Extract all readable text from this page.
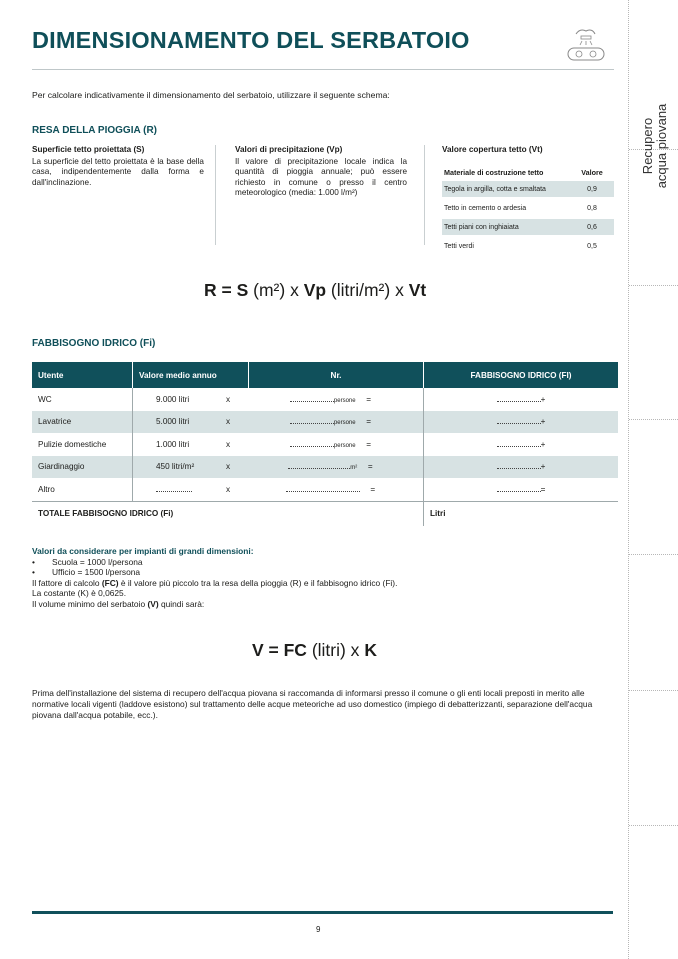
DIMENSIONAMENTO DEL SERBATOIO
Recupero acqua piovana
Per calcolare indicativamente il dimensionamento del serbatoio, utilizzare il seguente schema:
RESA DELLA PIOGGIA (R)
Superficie tetto proiettata (S)
La superficie del tetto proiettata è la base della casa, indipendentemente dalla forma e dall'inclinazione.
Valori di precipitazione (Vp)
Il valore di precipitazione locale indica la quantità di pioggia annuale; può essere richiesto in comune o presso il centro meteorologico (media: 1.000 l/m²)
Valore copertura tetto (Vt)
Materiale di costruzione tetto	Valore
Tegola in argilla, cotta e smaltata	0,9
Tetto in cemento o ardesia	0,8
Tetti piani con inghiaiata	0,6
Tetti verdi	0,5
R = S (m²) x Vp (litri/m²) x Vt
FABBISOGNO IDRICO (Fi)
Utente	Valore medio annuo	Nr.	FABBISOGNO IDRICO (FI)
WC	9.000 litri x	persone =	+
Lavatrice	5.000 litri x	persone =	+
Pulizie domestiche	1.000 litri x	persone =	+
Giardinaggio	450 litri/m² x	m² =	+
Altro	x	=	=
TOTALE FABBISOGNO IDRICO (Fi)			Litri
Valori da considerare per impianti di grandi dimensioni:
• Scuola = 1000 l/persona
• Ufficio = 1500 l/persona
Il fattore di calcolo (FC) è il valore più piccolo tra la resa della pioggia (R) e il fabbisogno idrico (Fi).
La costante (K) è 0,0625.
Il volume minimo del serbatoio (V) quindi sarà:
V = FC (litri) x K
Prima dell'installazione del sistema di recupero dell'acqua piovana si raccomanda di informarsi presso il comune o gli enti locali preposti in merito alle normative locali vigenti (laddove esistono) sul trattamento delle acque meteoriche ad uso domestico (impiego di debatterizzanti, separazione dell'acqua piovana dall'acqua potabile, ecc.).
9
